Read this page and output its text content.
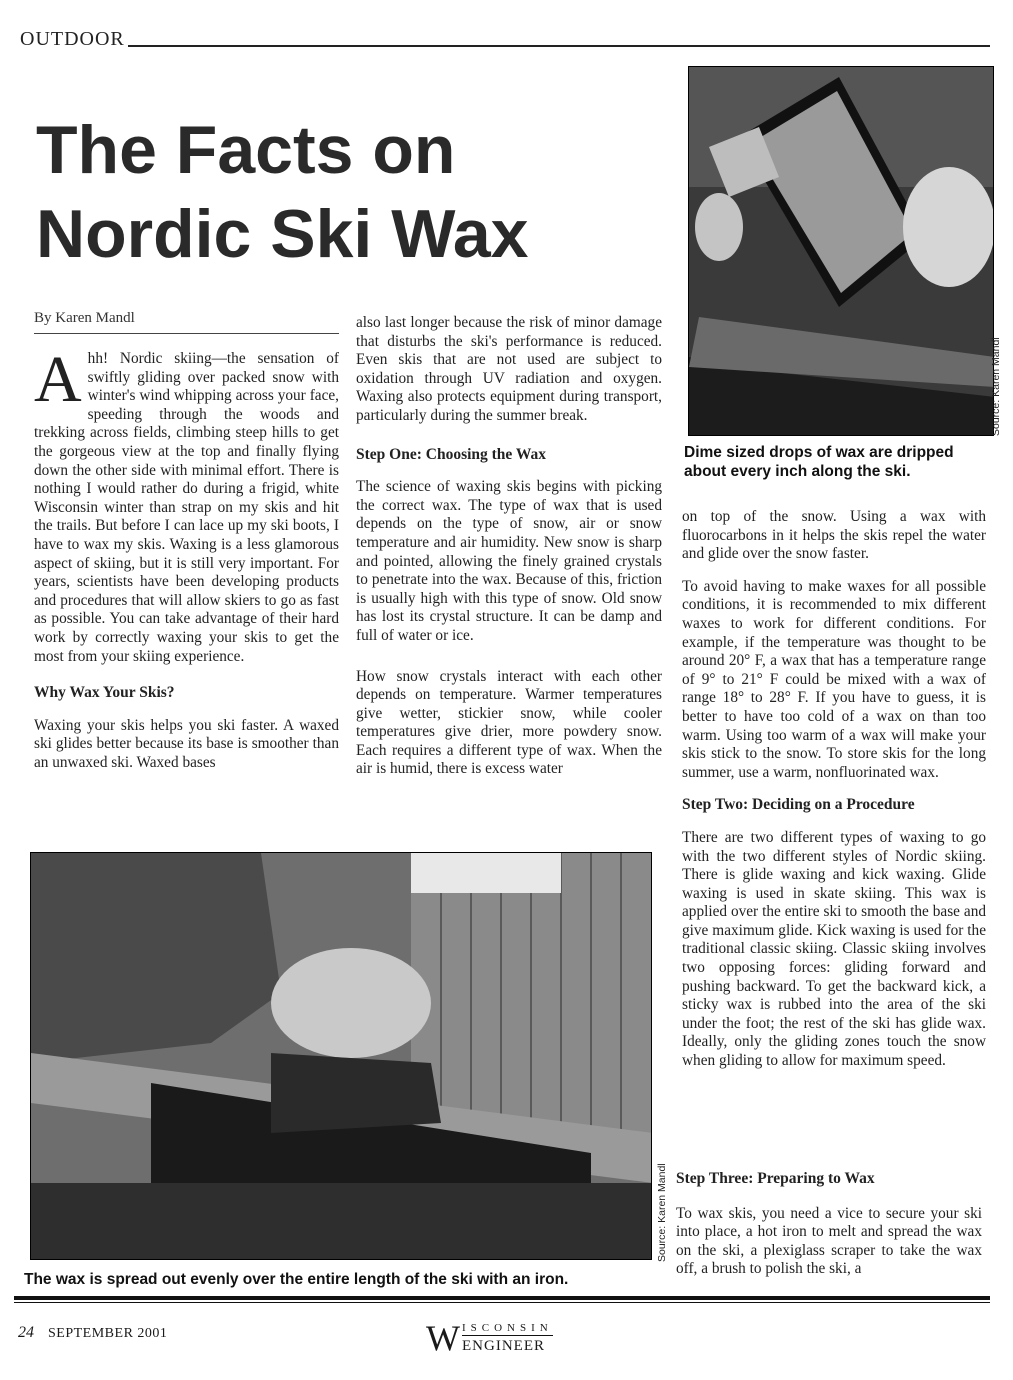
OUTDOOR
The Facts on
Nordic Ski Wax
Source: Karen Mandl
Dime sized drops of wax are dripped about every inch along the ski.
By Karen Mandl

Ahh! Nordic skiing—the sensation of swiftly gliding over packed snow with winter's wind whipping across your face, speeding through the woods and trekking across fields, climbing steep hills to get the gorgeous view at the top and finally flying down the other side with minimal effort. There is nothing I would rather do during a frigid, white Wisconsin winter than strap on my skis and hit the trails. But before I can lace up my ski boots, I have to wax my skis. Waxing is a less glamorous aspect of skiing, but it is still very important. For years, scientists have been developing products and procedures that will allow skiers to go as fast as possible. You can take advantage of their hard work by correctly waxing your skis to get the most from your skiing experience.

Why Wax Your Skis?

Waxing your skis helps you ski faster. A waxed ski glides better because its base is smoother than an unwaxed ski. Waxed bases

also last longer because the risk of minor damage that disturbs the ski's performance is reduced. Even skis that are not used are subject to oxidation through UV radiation and oxygen. Waxing also protects equipment during transport, particularly during the summer break.

Step One: Choosing the Wax

The science of waxing skis begins with picking the correct wax. The type of wax that is used depends on the type of snow, air or snow temperature and air humidity. New snow is sharp and pointed, allowing the finely grained crystals to penetrate into the wax. Because of this, friction is usually high with this type of snow. Old snow has lost its crystal structure. It can be damp and full of water or ice.

How snow crystals interact with each other depends on temperature. Warmer temperatures give wetter, stickier snow, while cooler temperatures give drier, more powdery snow. Each requires a different type of wax. When the air is humid, there is excess water

on top of the snow. Using a wax with fluorocarbons in it helps the skis repel the water and glide over the snow faster.

To avoid having to make waxes for all possible conditions, it is recommended to mix different waxes to work for different conditions. For example, if the temperature was thought to be around 20° F, a wax that has a temperature range of 9° to 21° F could be mixed with a wax of range 18° to 28° F. If you have to guess, it is better to have too cold of a wax on than too warm. Using too warm of a wax will make your skis stick to the snow. To store skis for the long summer, use a warm, nonfluorinated wax.

Step Two: Deciding on a Procedure

There are two different types of waxing to go with the two different styles of Nordic skiing. There is glide waxing and kick waxing. Glide waxing is used in skate skiing. This wax is applied over the entire ski to smooth the base and give maximum glide. Kick waxing is used for the traditional classic skiing. Classic skiing involves two opposing forces: gliding forward and pushing backward. To get the backward kick, a sticky wax is rubbed into the area of the ski under the foot; the rest of the ski has glide wax. Ideally, only the gliding zones touch the snow when gliding to allow for maximum speed.

Step Three: Preparing to Wax

To wax skis, you need a vice to secure your ski into place, a hot iron to melt and spread the wax on the ski, a plexiglass scraper to take the wax off, a brush to polish the ski, a

Source: Karen Mandl
The wax is spread out evenly over the entire length of the ski with an iron.
24 SEPTEMBER 2001	W ISCONSIN
ENGINEER
